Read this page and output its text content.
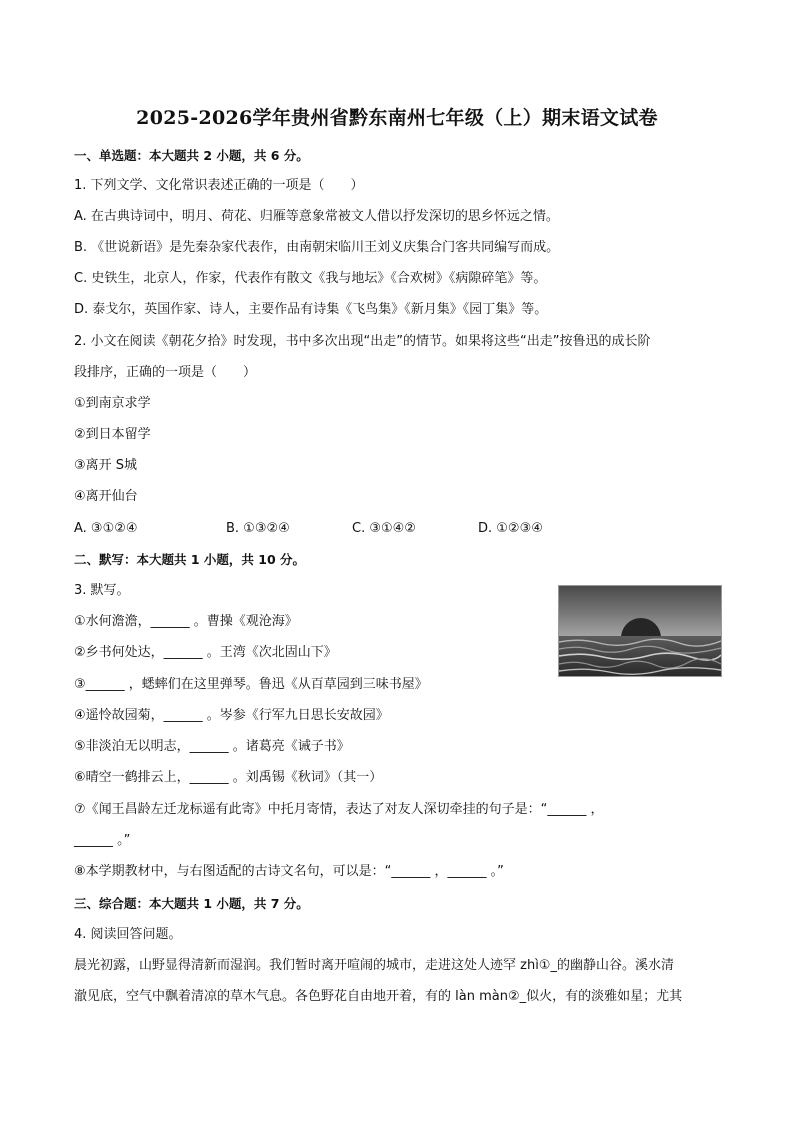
2025-2026学年贵州省黔东南州七年级（上）期末语文试卷
一、单选题：本大题共 2 小题，共 6 分。
1. 下列文学、文化常识表述正确的一项是（　　）
A. 在古典诗词中，明月、荷花、归雁等意象常被文人借以抒发深切的思乡怀远之情。
B. 《世说新语》是先秦杂家代表作，由南朝宋临川王刘义庆集合门客共同编写而成。
C. 史铁生，北京人，作家，代表作有散文《我与地坛》《合欢树》《病隙碎笔》等。
D. 泰戈尔，英国作家、诗人，主要作品有诗集《飞鸟集》《新月集》《园丁集》等。
2. 小文在阅读《朝花夕拾》时发现，书中多次出现“出走”的情节。如果将这些“出走”按鲁迅的成长阶
段排序，正确的一项是（　　）
①到南京求学
②到日本留学
③离开 S城
④离开仙台
A. ③①②④	B. ①③②④	C. ③①④②	D. ①②③④
二、默写：本大题共 1 小题，共 10 分。
3. 默写。
①水何澹澹，______ 。曹操《观沧海》
②乡书何处达，______ 。王湾《次北固山下》
③______ ，蟋蟀们在这里弹琴。鲁迅《从百草园到三味书屋》
④遥怜故园菊，______ 。岑参《行军九日思长安故园》
⑤非淡泊无以明志，______ 。诸葛亮《诫子书》
⑥晴空一鹤排云上，______ 。刘禹锡《秋词》（其一）
⑦《闻王昌龄左迁龙标遥有此寄》中托月寄情，表达了对友人深切牵挂的句子是：“______ ，
______ 。”
⑧本学期教材中，与右图适配的古诗文名句，可以是：“______ ，______ 。”
三、综合题：本大题共 1 小题，共 7 分。
4. 阅读回答问题。
晨光初露，山野显得清新而湿润。我们暂时离开喧闹的城市，走进这处人迹罕 zhì①_的幽静山谷。溪水清
澈见底，空气中飘着清凉的草木气息。各色野花自由地开着，有的 làn màn②_似火，有的淡雅如星；尤其
